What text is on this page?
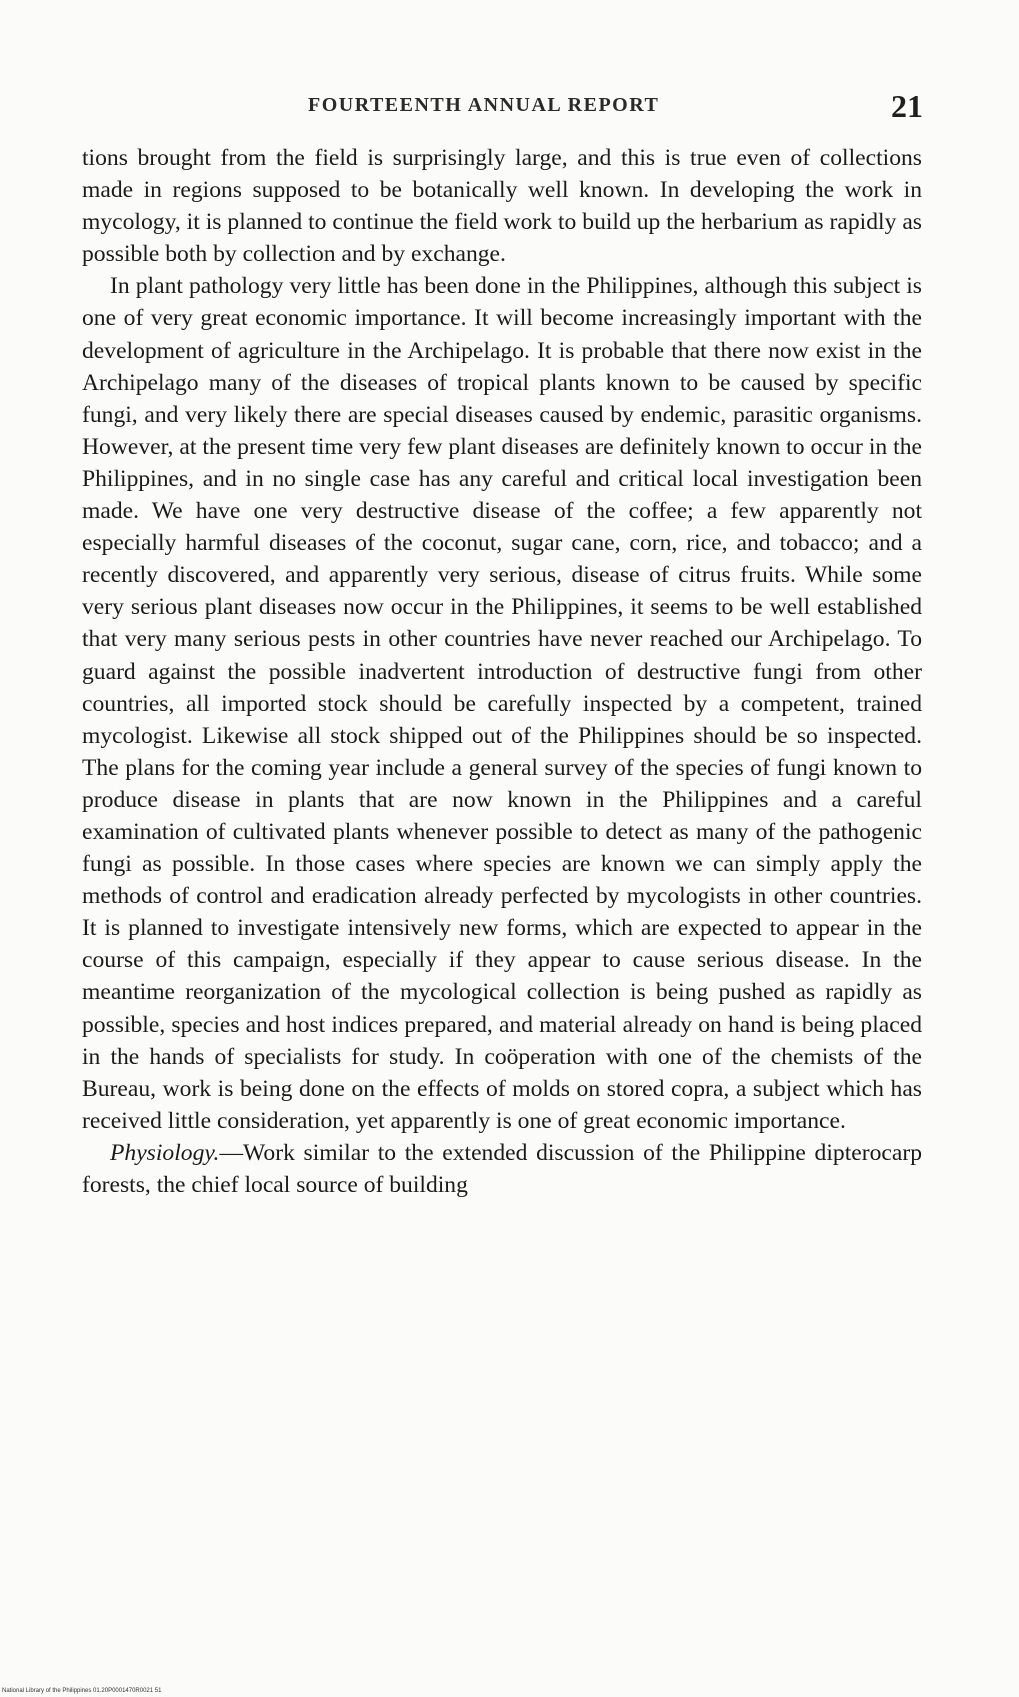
FOURTEENTH ANNUAL REPORT	21

tions brought from the field is surprisingly large, and this is true even of collections made in regions supposed to be botanically well known. In developing the work in mycology, it is planned to continue the field work to build up the herbarium as rapidly as possible both by collection and by exchange.

In plant pathology very little has been done in the Philippines, although this subject is one of very great economic importance. It will become increasingly important with the development of agriculture in the Archipelago. It is probable that there now exist in the Archipelago many of the diseases of tropical plants known to be caused by specific fungi, and very likely there are special diseases caused by endemic, parasitic organisms. However, at the present time very few plant diseases are definitely known to occur in the Philippines, and in no single case has any careful and critical local investigation been made. We have one very destructive disease of the coffee; a few apparently not especially harmful diseases of the coconut, sugar cane, corn, rice, and tobacco; and a recently discovered, and apparently very serious, disease of citrus fruits. While some very serious plant diseases now occur in the Philippines, it seems to be well established that very many serious pests in other countries have never reached our Archipelago. To guard against the possible inadvertent introduction of destructive fungi from other countries, all imported stock should be carefully inspected by a competent, trained mycologist. Likewise all stock shipped out of the Philippines should be so inspected. The plans for the coming year include a general survey of the species of fungi known to produce disease in plants that are now known in the Philippines and a careful examination of cultivated plants whenever possible to detect as many of the pathogenic fungi as possible. In those cases where species are known we can simply apply the methods of control and eradication already perfected by mycologists in other countries. It is planned to investigate intensively new forms, which are expected to appear in the course of this campaign, especially if they appear to cause serious disease. In the meantime reorganization of the mycological collection is being pushed as rapidly as possible, species and host indices prepared, and material already on hand is being placed in the hands of specialists for study. In coöperation with one of the chemists of the Bureau, work is being done on the effects of molds on stored copra, a subject which has received little consideration, yet apparently is one of great economic importance.

Physiology.—Work similar to the extended discussion of the Philippine dipterocarp forests, the chief local source of building

National Library of the Philippines 01.20P0001470R0021 51
